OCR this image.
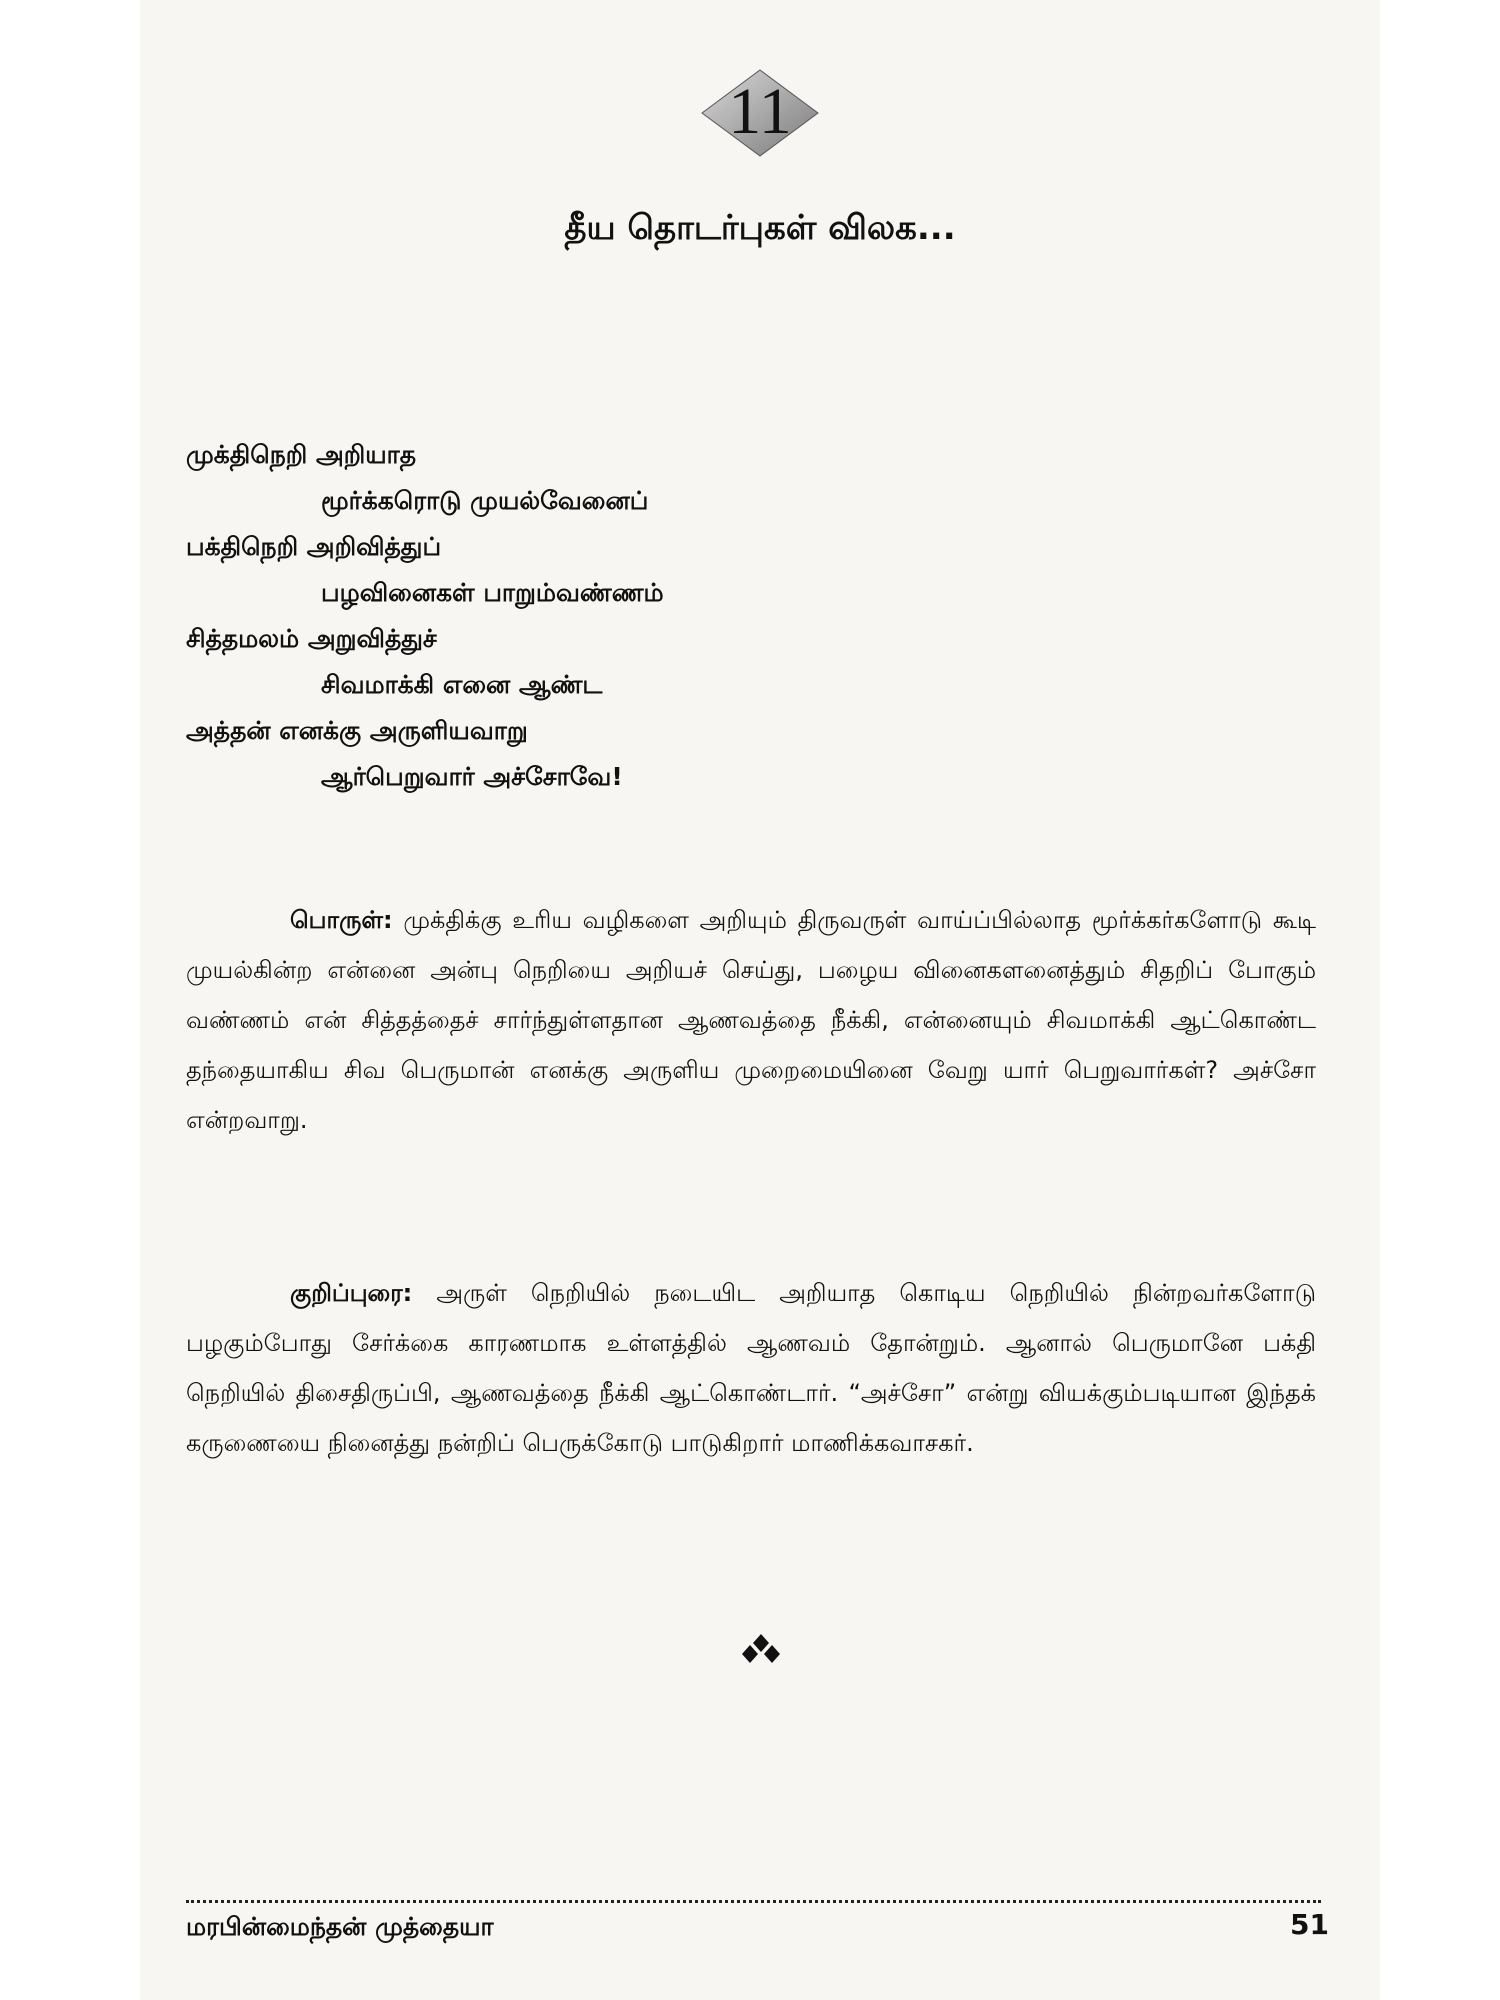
11
தீய தொடர்புகள் விலக...
முக்திநெறி அறியாத
மூர்க்கரொடு முயல்வேனைப்
பக்திநெறி அறிவித்துப்
பழவினைகள் பாறும்வண்ணம்
சித்தமலம் அறுவித்துச்
சிவமாக்கி எனை ஆண்ட
அத்தன் எனக்கு அருளியவாறு
ஆர்பெறுவார் அச்சோவே!
பொருள்: முக்திக்கு உரிய வழிகளை அறியும் திருவருள் வாய்ப்பில்லாத மூர்க்கர்களோடு கூடி முயல்கின்ற என்னை அன்பு நெறியை அறியச் செய்து, பழைய வினைகளனைத்தும் சிதறிப் போகும் வண்ணம் என் சித்தத்தைச் சார்ந்துள்ளதான ஆணவத்தை நீக்கி, என்னையும் சிவமாக்கி ஆட்கொண்ட தந்தையாகிய சிவ பெருமான் எனக்கு அருளிய முறைமையினை வேறு யார் பெறுவார்கள்? அச்சோ என்றவாறு.
குறிப்புரை: அருள் நெறியில் நடையிட அறியாத கொடிய நெறியில் நின்றவர்களோடு பழகும்போது சேர்க்கை காரணமாக உள்ளத்தில் ஆணவம் தோன்றும். ஆனால் பெருமானே பக்தி நெறியில் திசைதிருப்பி, ஆணவத்தை நீக்கி ஆட்கொண்டார். “அச்சோ” என்று வியக்கும்படியான இந்தக் கருணையை நினைத்து நன்றிப் பெருக்கோடு பாடுகிறார் மாணிக்கவாசகர்.
மரபின்மைந்தன் முத்தையா	51
